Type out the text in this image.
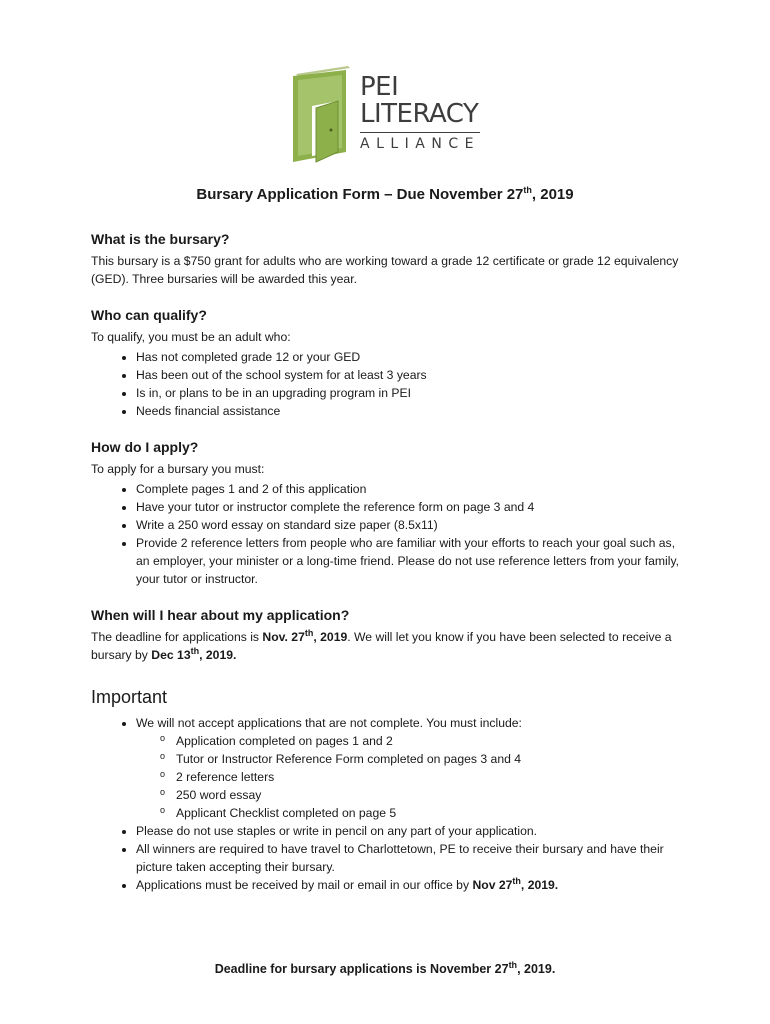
PEI
LITERACY
ALLIANCE
Bursary Application Form – Due November 27th, 2019
What is the bursary?

This bursary is a $750 grant for adults who are working toward a grade 12 certificate or grade 12 equivalency (GED). Three bursaries will be awarded this year.

Who can qualify?

To qualify, you must be an adult who:

• Has not completed grade 12 or your GED
• Has been out of the school system for at least 3 years
• Is in, or plans to be in an upgrading program in PEI
• Needs financial assistance
How do I apply?

To apply for a bursary you must:

• Complete pages 1 and 2 of this application
• Have your tutor or instructor complete the reference form on page 3 and 4
• Write a 250 word essay on standard size paper (8.5x11)
• Provide 2 reference letters from people who are familiar with your efforts to reach your goal such as, an employer, your minister or a long-time friend. Please do not use reference letters from your family, your tutor or instructor.
When will I hear about my application?

The deadline for applications is Nov. 27th, 2019. We will let you know if you have been selected to receive a bursary by Dec 13th, 2019.

Important
• We will not accept applications that are not complete. You must include:
o Application completed on pages 1 and 2
o Tutor or Instructor Reference Form completed on pages 3 and 4
o 2 reference letters
o 250 word essay
o Applicant Checklist completed on page 5
• Please do not use staples or write in pencil on any part of your application.
• All winners are required to have travel to Charlottetown, PE to receive their bursary and have their picture taken accepting their bursary.
• Applications must be received by mail or email in our office by Nov 27th, 2019.
Deadline for bursary applications is November 27th, 2019.
